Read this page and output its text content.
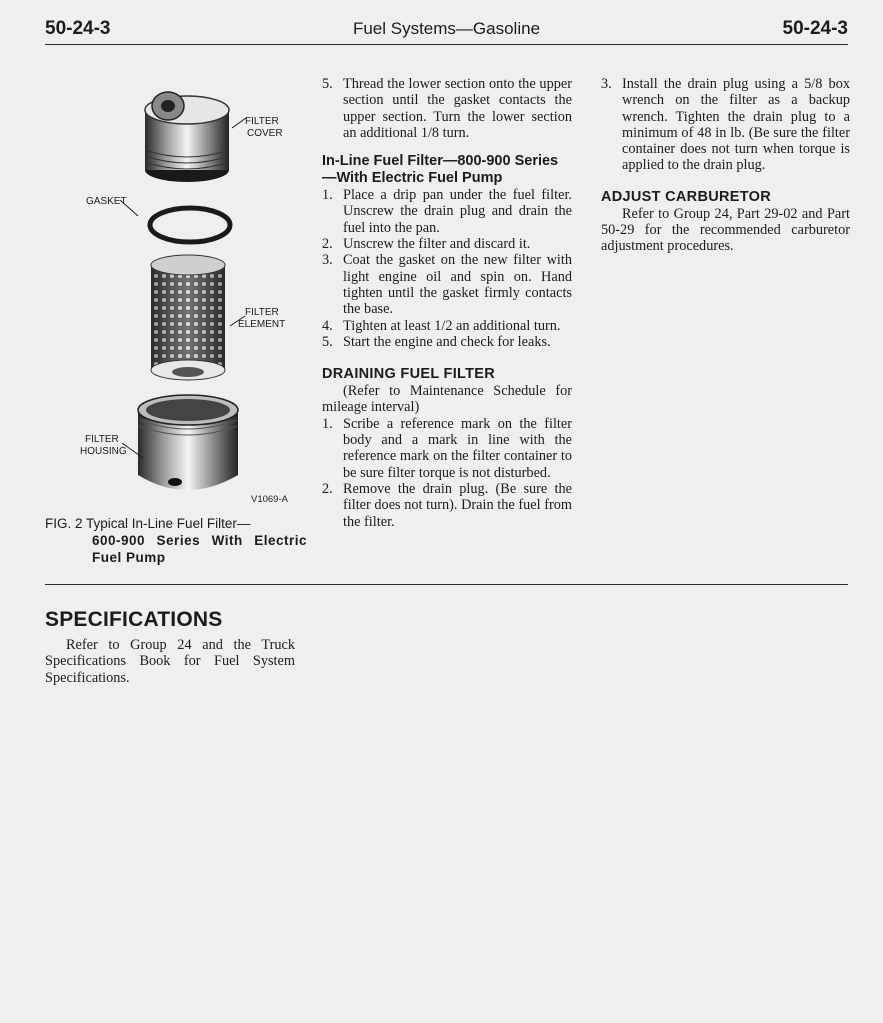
50-24-3	Fuel Systems—Gasoline	50-24-3
FILTER
COVER
GASKET
FILTER
ELEMENT
FILTER
HOUSING
V1069-A
FIG. 2 Typical In-Line Fuel Filter—
600-900 Series With Electric Fuel Pump
5. Thread the lower section onto the upper section until the gasket contacts the upper section. Turn the lower section an additional 1/8 turn.
In-Line Fuel Filter—800-900 Series—With Electric Fuel Pump
1. Place a drip pan under the fuel filter. Unscrew the drain plug and drain the fuel into the pan.
2. Unscrew the filter and discard it.
3. Coat the gasket on the new filter with light engine oil and spin on. Hand tighten until the gasket firmly contacts the base.
4. Tighten at least 1/2 an additional turn.
5. Start the engine and check for leaks.
DRAINING FUEL FILTER

(Refer to Maintenance Schedule for mileage interval)

1. Scribe a reference mark on the filter body and a mark in line with the reference mark on the filter container to be sure filter torque is not disturbed.
2. Remove the drain plug. (Be sure the filter does not turn). Drain the fuel from the filter.
3. Install the drain plug using a 5/8 box wrench on the filter as a backup wrench. Tighten the drain plug to a minimum of 48 in lb. (Be sure the filter container does not turn when torque is applied to the drain plug.
ADJUST CARBURETOR

Refer to Group 24, Part 29-02 and Part 50-29 for the recommended carburetor adjustment procedures.

SPECIFICATIONS

Refer to Group 24 and the Truck Specifications Book for Fuel System Specifications.
